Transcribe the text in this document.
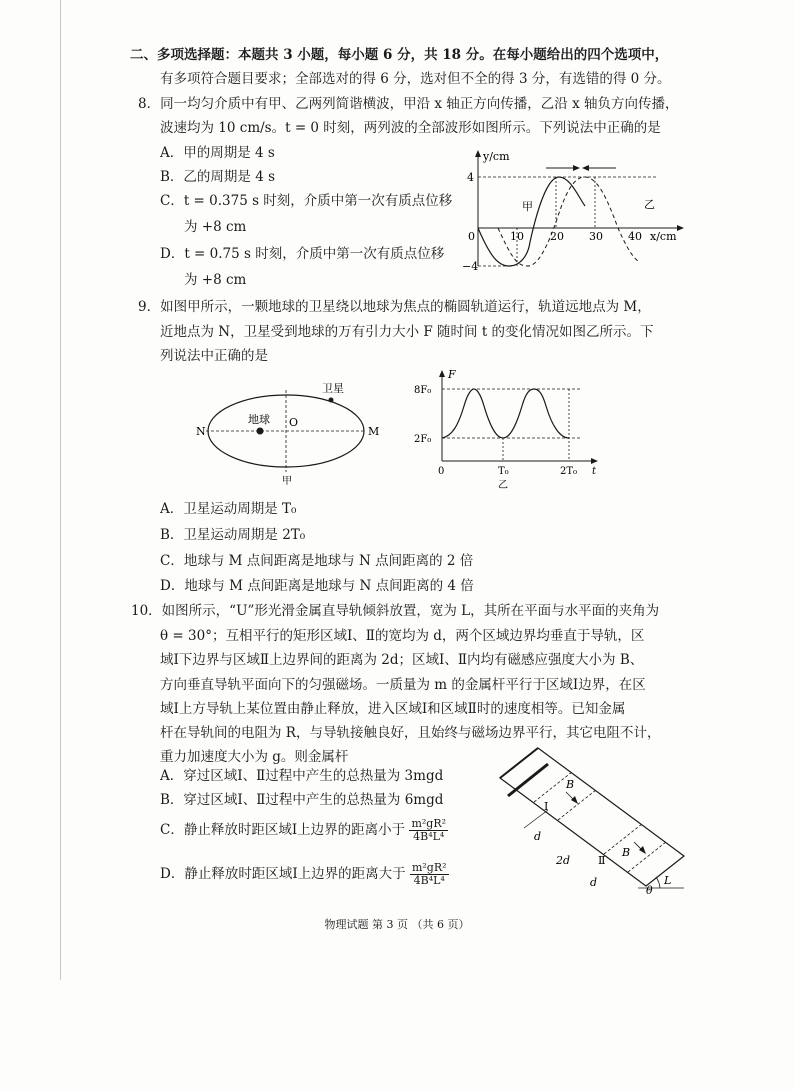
二、多项选择题：本题共 3 小题，每小题 6 分，共 18 分。在每小题给出的四个选项中，
有多项符合题目要求；全部选对的得 6 分，选对但不全的得 3 分，有选错的得 0 分。
8．同一均匀介质中有甲、乙两列简谐横波，甲沿 x 轴正方向传播，乙沿 x 轴负方向传播，
波速均为 10 cm/s。t = 0 时刻，两列波的全部波形如图所示。下列说法中正确的是
A．甲的周期是 4 s
B．乙的周期是 4 s
C．t = 0.375 s 时刻，介质中第一次有质点位移
为 +8 cm
D．t = 0.75 s 时刻，介质中第一次有质点位移
为 +8 cm
y/cm
4
−4
0	10 20 30 40 x/cm
甲	乙
9．如图甲所示，一颗地球的卫星绕以地球为焦点的椭圆轨道运行，轨道远地点为 M，
近地点为 N，卫星受到地球的万有引力大小 F 随时间 t 的变化情况如图乙所示。下
列说法中正确的是
卫星
地球 O
N	M
甲
F
8F₀
2F₀
0	T₀	2T₀ t
乙
A．卫星运动周期是 T₀
B．卫星运动周期是 2T₀
C．地球与 M 点间距离是地球与 N 点间距离的 2 倍
D．地球与 M 点间距离是地球与 N 点间距离的 4 倍
10．如图所示，“U”形光滑金属直导轨倾斜放置，宽为 L，其所在平面与水平面的夹角为
θ = 30°；互相平行的矩形区域Ⅰ、Ⅱ的宽均为 d，两个区域边界均垂直于导轨，区
域Ⅰ下边界与区域Ⅱ上边界间的距离为 2d；区域Ⅰ、Ⅱ内均有磁感应强度大小为 B、
方向垂直导轨平面向下的匀强磁场。一质量为 m 的金属杆平行于区域Ⅰ边界，在区
域Ⅰ上方导轨上某位置由静止释放，进入区域Ⅰ和区域Ⅱ时的速度相等。已知金属
杆在导轨间的电阻为 R，与导轨接触良好，且始终与磁场边界平行，其它电阻不计，
重力加速度大小为 g。则金属杆
A．穿过区域Ⅰ、Ⅱ过程中产生的总热量为 3mgd
B．穿过区域Ⅰ、Ⅱ过程中产生的总热量为 6mgd
C．静止释放时距区域Ⅰ上边界的距离小于 $\frac{\text{m²gR²}}{\text{4B⁴L⁴}}$
D．静止释放时距区域Ⅰ上边界的距离大于 $\frac{\text{m²gR²}}{\text{4B⁴L⁴}}$
Ⅰ
Ⅱ
B
B
d
d
2d
L
θ
物理试题 第 3 页 （共 6 页）
